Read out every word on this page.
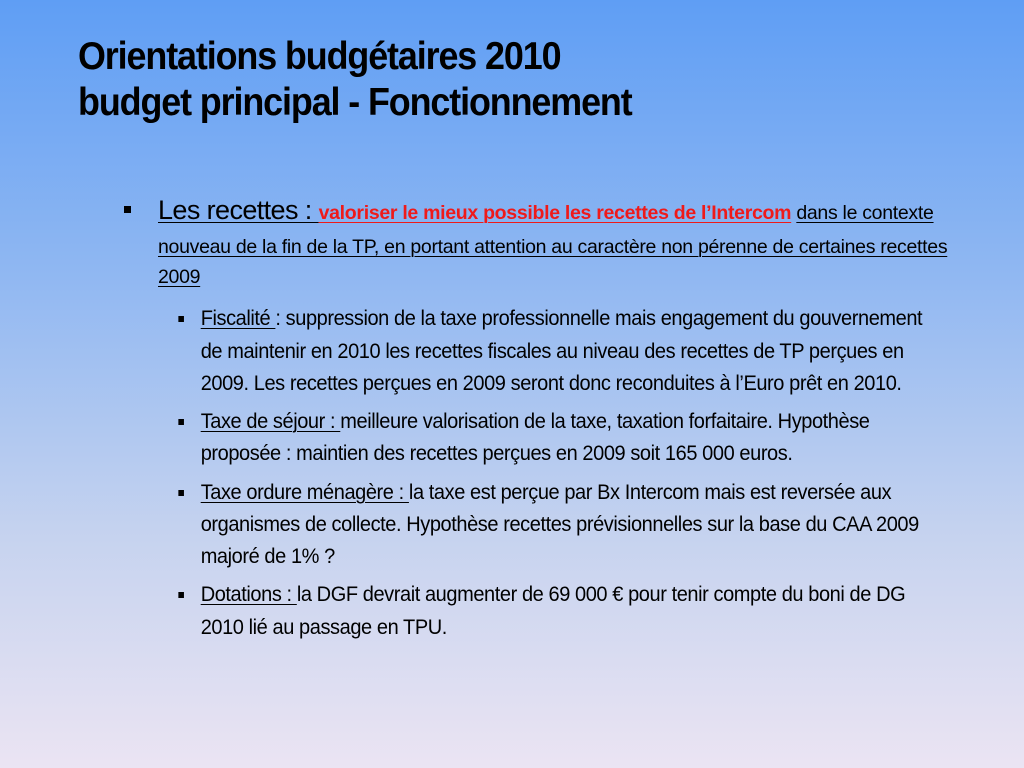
Orientations budgétaires 2010
budget principal - Fonctionnement
Les recettes : valoriser le mieux possible les recettes de l’Intercom dans le contexte nouveau de la fin de la TP, en portant attention au caractère non pérenne de certaines recettes 2009
Fiscalité : suppression de la taxe professionnelle mais engagement du gouvernement de maintenir en 2010 les recettes fiscales au niveau des recettes de TP perçues en 2009. Les recettes perçues en 2009 seront donc reconduites à l’Euro prêt en 2010.
Taxe de séjour : meilleure valorisation de la taxe, taxation forfaitaire. Hypothèse proposée : maintien des recettes perçues en 2009 soit 165 000 euros.
Taxe ordure ménagère : la taxe est perçue par Bx Intercom mais est reversée aux organismes de collecte. Hypothèse recettes prévisionnelles sur la base du CAA 2009 majoré de 1% ?
Dotations : la DGF devrait augmenter de 69 000 € pour tenir compte du boni de DG 2010 lié au passage en TPU.
